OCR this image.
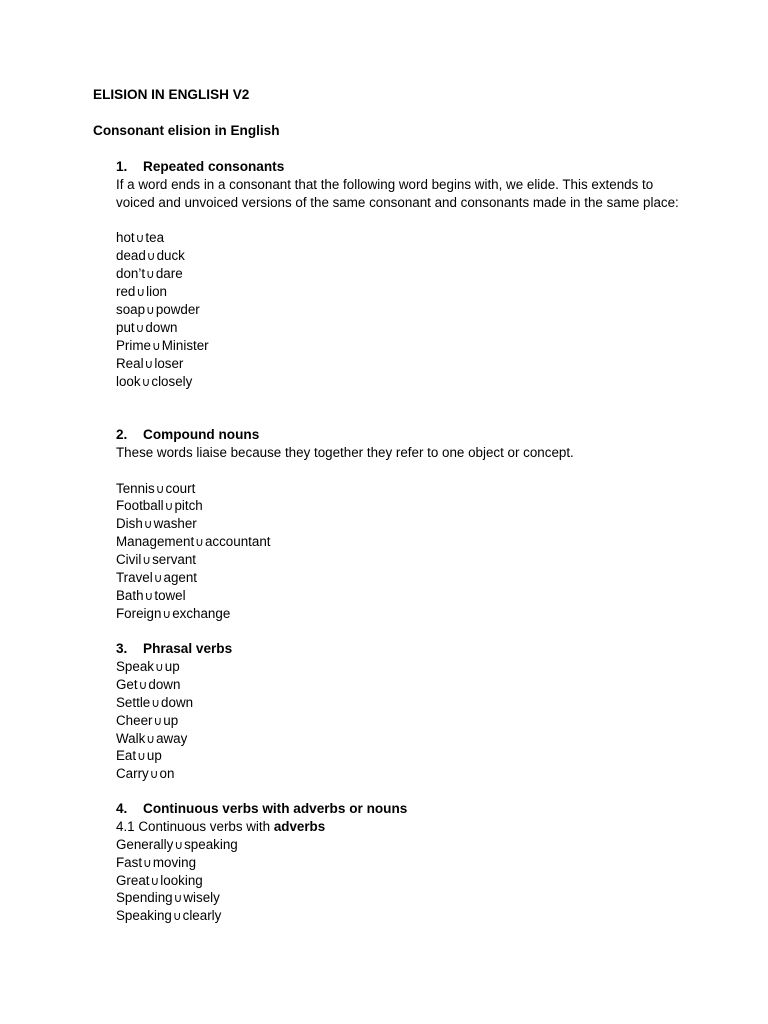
ELISION IN ENGLISH V2
Consonant elision in English
1. Repeated consonants
If a word ends in a consonant that the following word begins with, we elide. This extends to voiced and unvoiced versions of the same consonant and consonants made in the same place:
hot∪tea
dead∪duck
don’t∪dare
red∪lion
soap∪powder
put∪down
Prime∪Minister
Real∪loser
look∪closely
2. Compound nouns
These words liaise because they together they refer to one object or concept.
Tennis∪court
Football∪pitch
Dish∪washer
Management∪accountant
Civil∪servant
Travel∪agent
Bath∪towel
Foreign∪exchange
3. Phrasal verbs
Speak∪up
Get∪down
Settle∪down
Cheer∪up
Walk∪away
Eat∪up
Carry∪on
4. Continuous verbs with adverbs or nouns
4.1 Continuous verbs with adverbs
Generally∪speaking
Fast∪moving
Great∪looking
Spending∪wisely
Speaking∪clearly
